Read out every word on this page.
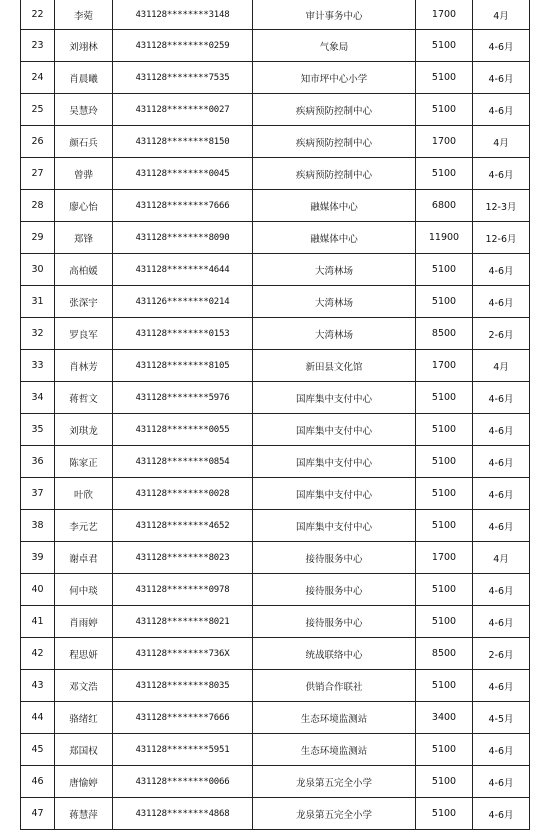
22	李菀	431128********3148	审计事务中心	1700	4月
23	刘翊林	431128********0259	气象局	5100	4-6月
24	肖晨曦	431128********7535	知市坪中心小学	5100	4-6月
25	吴慧玲	431128********0027	疾病预防控制中心	5100	4-6月
26	颜石兵	431128********8150	疾病预防控制中心	1700	4月
27	曾骅	431128********0045	疾病预防控制中心	5100	4-6月
28	廖心怡	431128********7666	融媒体中心	6800	12-3月
29	郑锋	431128********8090	融媒体中心	11900	12-6月
30	高柏媛	431128********4644	大湾林场	5100	4-6月
31	张深宇	431126********0214	大湾林场	5100	4-6月
32	罗良军	431128********0153	大湾林场	8500	2-6月
33	肖林芳	431128********8105	新田县文化馆	1700	4月
34	蒋哲文	431128********5976	国库集中支付中心	5100	4-6月
35	刘琪龙	431128********0055	国库集中支付中心	5100	4-6月
36	陈家正	431128********0854	国库集中支付中心	5100	4-6月
37	叶欣	431128********0028	国库集中支付中心	5100	4-6月
38	李元艺	431128********4652	国库集中支付中心	5100	4-6月
39	谢卓君	431128********8023	接待服务中心	1700	4月
40	何中琰	431128********0978	接待服务中心	5100	4-6月
41	肖雨婷	431128********8021	接待服务中心	5100	4-6月
42	程思妍	431128********736X	统战联络中心	8500	2-6月
43	邓文浩	431128********8035	供销合作联社	5100	4-6月
44	骆绪红	431128********7666	生态环境监测站	3400	4-5月
45	郑国权	431128********5951	生态环境监测站	5100	4-6月
46	唐愉婷	431128********0066	龙泉第五完全小学	5100	4-6月
47	蒋慧萍	431128********4868	龙泉第五完全小学	5100	4-6月
